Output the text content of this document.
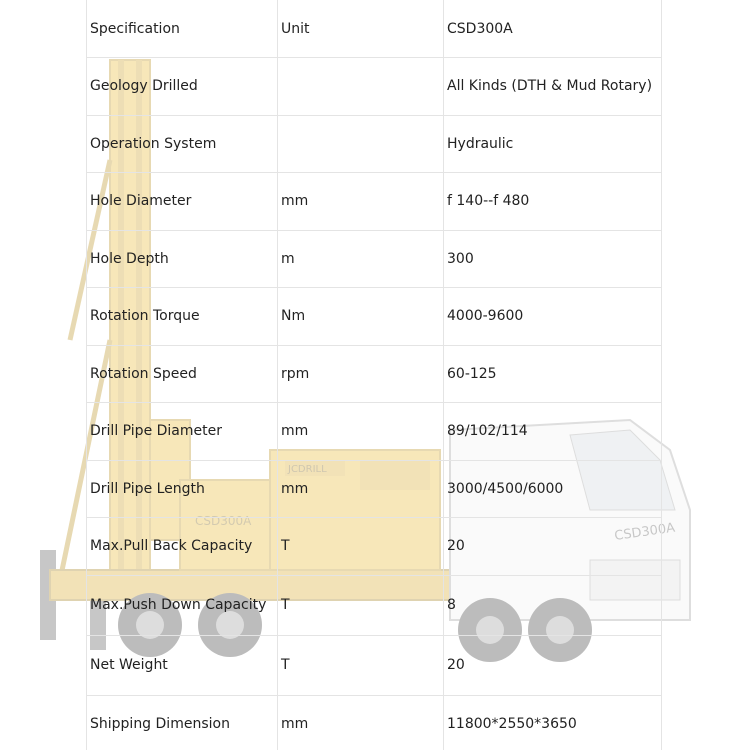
CSD300A
JCDRILL
CSD300A
Specification	Unit	CSD300A
Geology Drilled		All Kinds (DTH & Mud Rotary)
Operation System		Hydraulic
Hole Diameter	mm	f 140--f 480
Hole Depth	m	300
Rotation Torque	Nm	4000-9600
Rotation Speed	rpm	60-125
Drill Pipe Diameter	mm	89/102/114
Drill Pipe Length	mm	3000/4500/6000
Max.Pull Back Capacity	T	20
Max.Push Down Capacity	T	8
Net Weight	T	20
Shipping Dimension	mm	11800*2550*3650
